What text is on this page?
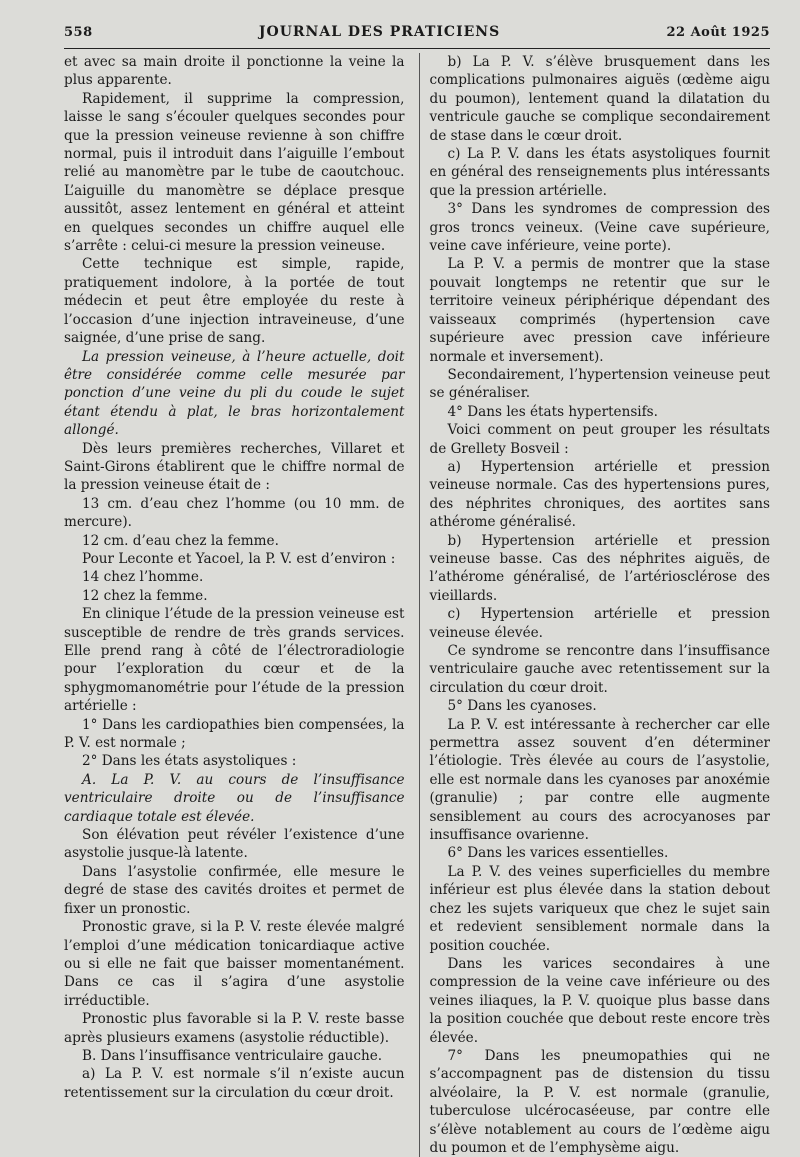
558	JOURNAL DES PRATICIENS	22 Août 1925

et avec sa main droite il ponctionne la veine la plus apparente.

Rapidement, il supprime la compression, laisse le sang s’écouler quelques secondes pour que la pression veineuse revienne à son chiffre normal, puis il introduit dans l’aiguille l’embout relié au manomètre par le tube de caoutchouc. L’aiguille du manomètre se déplace presque aussitôt, assez lentement en général et atteint en quelques secondes un chiffre auquel elle s’arrête : celui-ci mesure la pression veineuse.

Cette technique est simple, rapide, pratiquement indolore, à la portée de tout médecin et peut être employée du reste à l’occasion d’une injection intraveineuse, d’une saignée, d’une prise de sang.

La pression veineuse, à l’heure actuelle, doit être considérée comme celle mesurée par ponction d’une veine du pli du coude le sujet étant étendu à plat, le bras horizontalement allongé.

Dès leurs premières recherches, Villaret et Saint-Girons établirent que le chiffre normal de la pression veineuse était de :

13 cm. d’eau chez l’homme (ou 10 mm. de mercure).

12 cm. d’eau chez la femme.

Pour Leconte et Yacoel, la P. V. est d’environ :

14 chez l’homme.

12 chez la femme.

En clinique l’étude de la pression veineuse est susceptible de rendre de très grands services. Elle prend rang à côté de l’électroradiologie pour l’exploration du cœur et de la sphygmomanométrie pour l’étude de la pression artérielle :

1° Dans les cardiopathies bien compensées, la P. V. est normale ;

2° Dans les états asystoliques :

A. La P. V. au cours de l’insuffisance ventriculaire droite ou de l’insuffisance cardiaque totale est élevée.

Son élévation peut révéler l’existence d’une asystolie jusque-là latente.

Dans l’asystolie confirmée, elle mesure le degré de stase des cavités droites et permet de fixer un pronostic.

Pronostic grave, si la P. V. reste élevée malgré l’emploi d’une médication tonicardiaque active ou si elle ne fait que baisser momentanément. Dans ce cas il s’agira d’une asystolie irréductible.

Pronostic plus favorable si la P. V. reste basse après plusieurs examens (asystolie réductible).

B. Dans l’insuffisance ventriculaire gauche.

a) La P. V. est normale s’il n’existe aucun retentissement sur la circulation du cœur droit.

b) La P. V. s’élève brusquement dans les complications pulmonaires aiguës (œdème aigu du poumon), lentement quand la dilatation du ventricule gauche se complique secondairement de stase dans le cœur droit.

c) La P. V. dans les états asystoliques fournit en général des renseignements plus intéressants que la pression artérielle.

3° Dans les syndromes de compression des gros troncs veineux. (Veine cave supérieure, veine cave inférieure, veine porte).

La P. V. a permis de montrer que la stase pouvait longtemps ne retentir que sur le territoire veineux périphérique dépendant des vaisseaux comprimés (hypertension cave supérieure avec pression cave inférieure normale et inversement).

Secondairement, l’hypertension veineuse peut se généraliser.

4° Dans les états hypertensifs.

Voici comment on peut grouper les résultats de Grellety Bosveil :

a) Hypertension artérielle et pression veineuse normale. Cas des hypertensions pures, des néphrites chroniques, des aortites sans athérome généralisé.

b) Hypertension artérielle et pression veineuse basse. Cas des néphrites aiguës, de l’athérome généralisé, de l’artériosclérose des vieillards.

c) Hypertension artérielle et pression veineuse élevée.

Ce syndrome se rencontre dans l’insuffisance ventriculaire gauche avec retentissement sur la circulation du cœur droit.

5° Dans les cyanoses.

La P. V. est intéressante à rechercher car elle permettra assez souvent d’en déterminer l’étiologie. Très élevée au cours de l’asystolie, elle est normale dans les cyanoses par anoxémie (granulie) ; par contre elle augmente sensiblement au cours des acrocyanoses par insuffisance ovarienne.

6° Dans les varices essentielles.

La P. V. des veines superficielles du membre inférieur est plus élevée dans la station debout chez les sujets variqueux que chez le sujet sain et redevient sensiblement normale dans la position couchée.

Dans les varices secondaires à une compression de la veine cave inférieure ou des veines iliaques, la P. V. quoique plus basse dans la position couchée que debout reste encore très élevée.

7° Dans les pneumopathies qui ne s’accompagnent pas de distension du tissu alvéolaire, la P. V. est normale (granulie, tuberculose ulcérocaséeuse, par contre elle s’élève notablement au cours de l’œdème aigu du poumon et de l’emphysème aigu.
